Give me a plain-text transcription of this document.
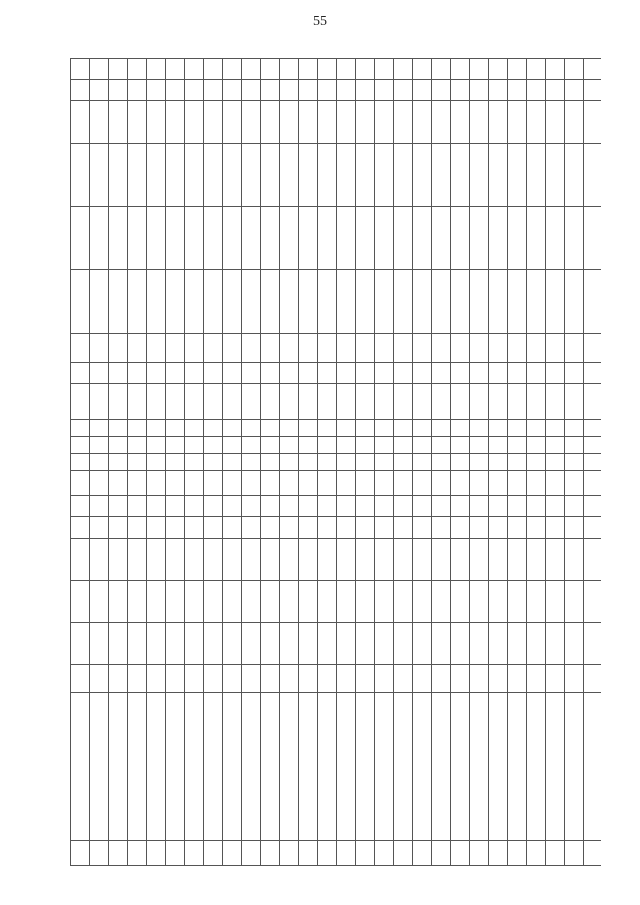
55
